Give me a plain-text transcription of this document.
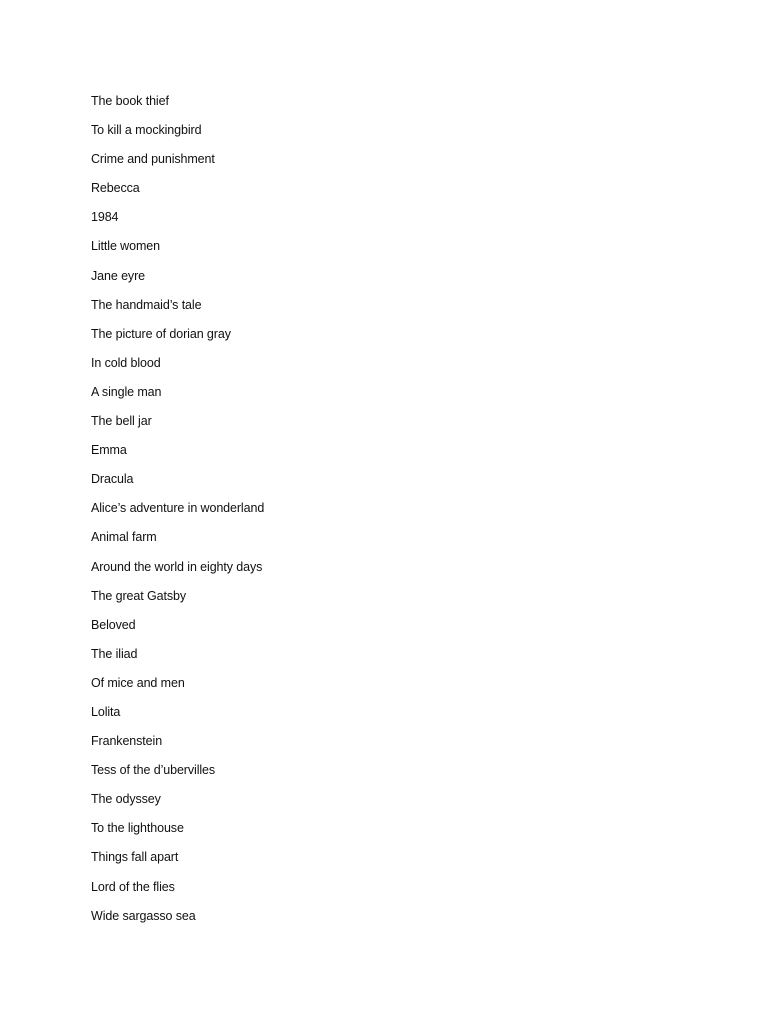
The book thief
To kill a mockingbird
Crime and punishment
Rebecca
1984
Little women
Jane eyre
The handmaid’s tale
The picture of dorian gray
In cold blood
A single man
The bell jar
Emma
Dracula
Alice’s adventure in wonderland
Animal farm
Around the world in eighty days
The great Gatsby
Beloved
The iliad
Of mice and men
Lolita
Frankenstein
Tess of the d’ubervilles
The odyssey
To the lighthouse
Things fall apart
Lord of the flies
Wide sargasso sea
